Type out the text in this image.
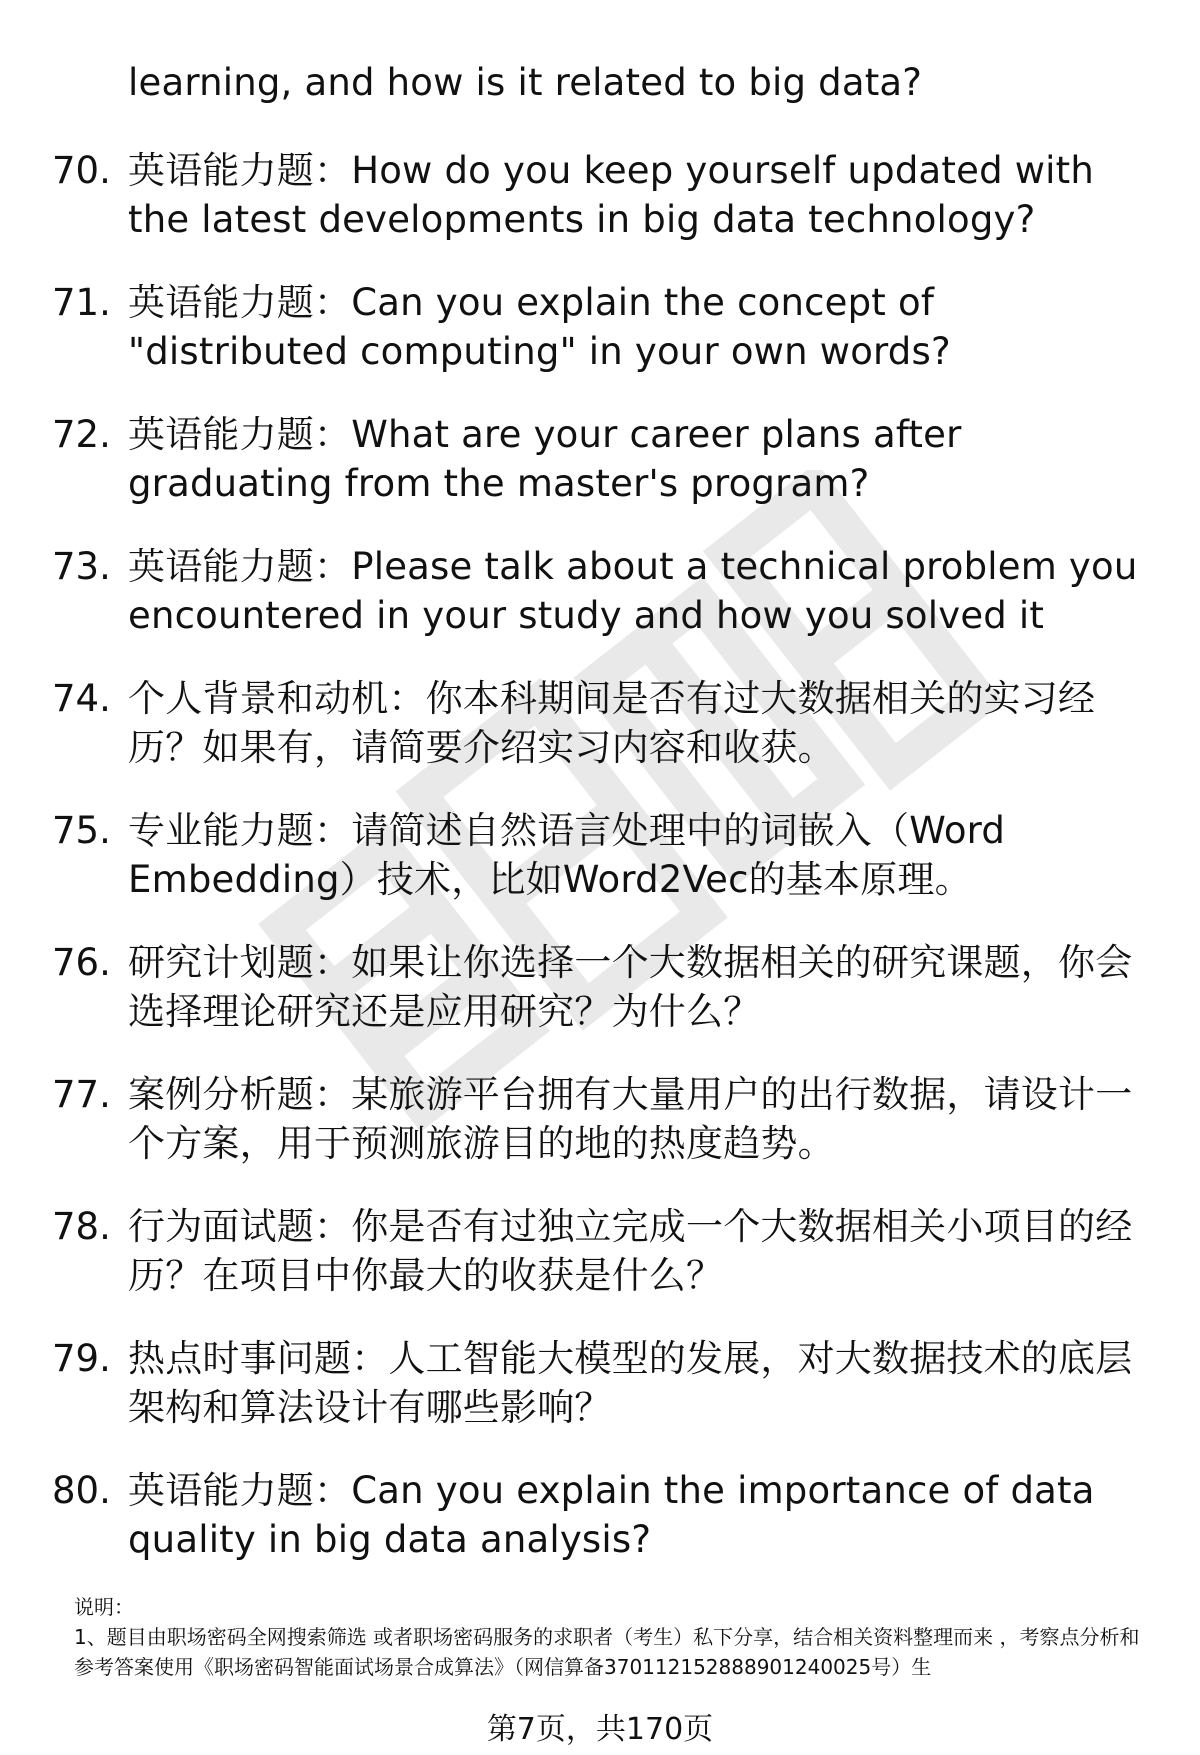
learning, and how is it related to big data?
70. 英语能力题：How do you keep yourself updated with the latest developments in big data technology?
71. 英语能力题：Can you explain the concept of "distributed computing" in your own words?
72. 英语能力题：What are your career plans after graduating from the master's program?
73. 英语能力题：Please talk about a technical problem you encountered in your study and how you solved it
74. 个人背景和动机：你本科期间是否有过大数据相关的实习经历？如果有，请简要介绍实习内容和收获。
75. 专业能力题：请简述自然语言处理中的词嵌入（Word Embedding）技术，比如Word2Vec的基本原理。
76. 研究计划题：如果让你选择一个大数据相关的研究课题，你会选择理论研究还是应用研究？为什么？
77. 案例分析题：某旅游平台拥有大量用户的出行数据，请设计一个方案，用于预测旅游目的地的热度趋势。
78. 行为面试题：你是否有过独立完成一个大数据相关小项目的经历？在项目中你最大的收获是什么？
79. 热点时事问题：人工智能大模型的发展，对大数据技术的底层架构和算法设计有哪些影响？
80. 英语能力题：Can you explain the importance of data quality in big data analysis?
说明：
1、题目由职场密码全网搜索筛选 或者职场密码服务的求职者（考生）私下分享，结合相关资料整理而来 ，考察点分析和参考答案使用《职场密码智能面试场景合成算法》（网信算备370112152888901240025号）生
第7页，共170页
